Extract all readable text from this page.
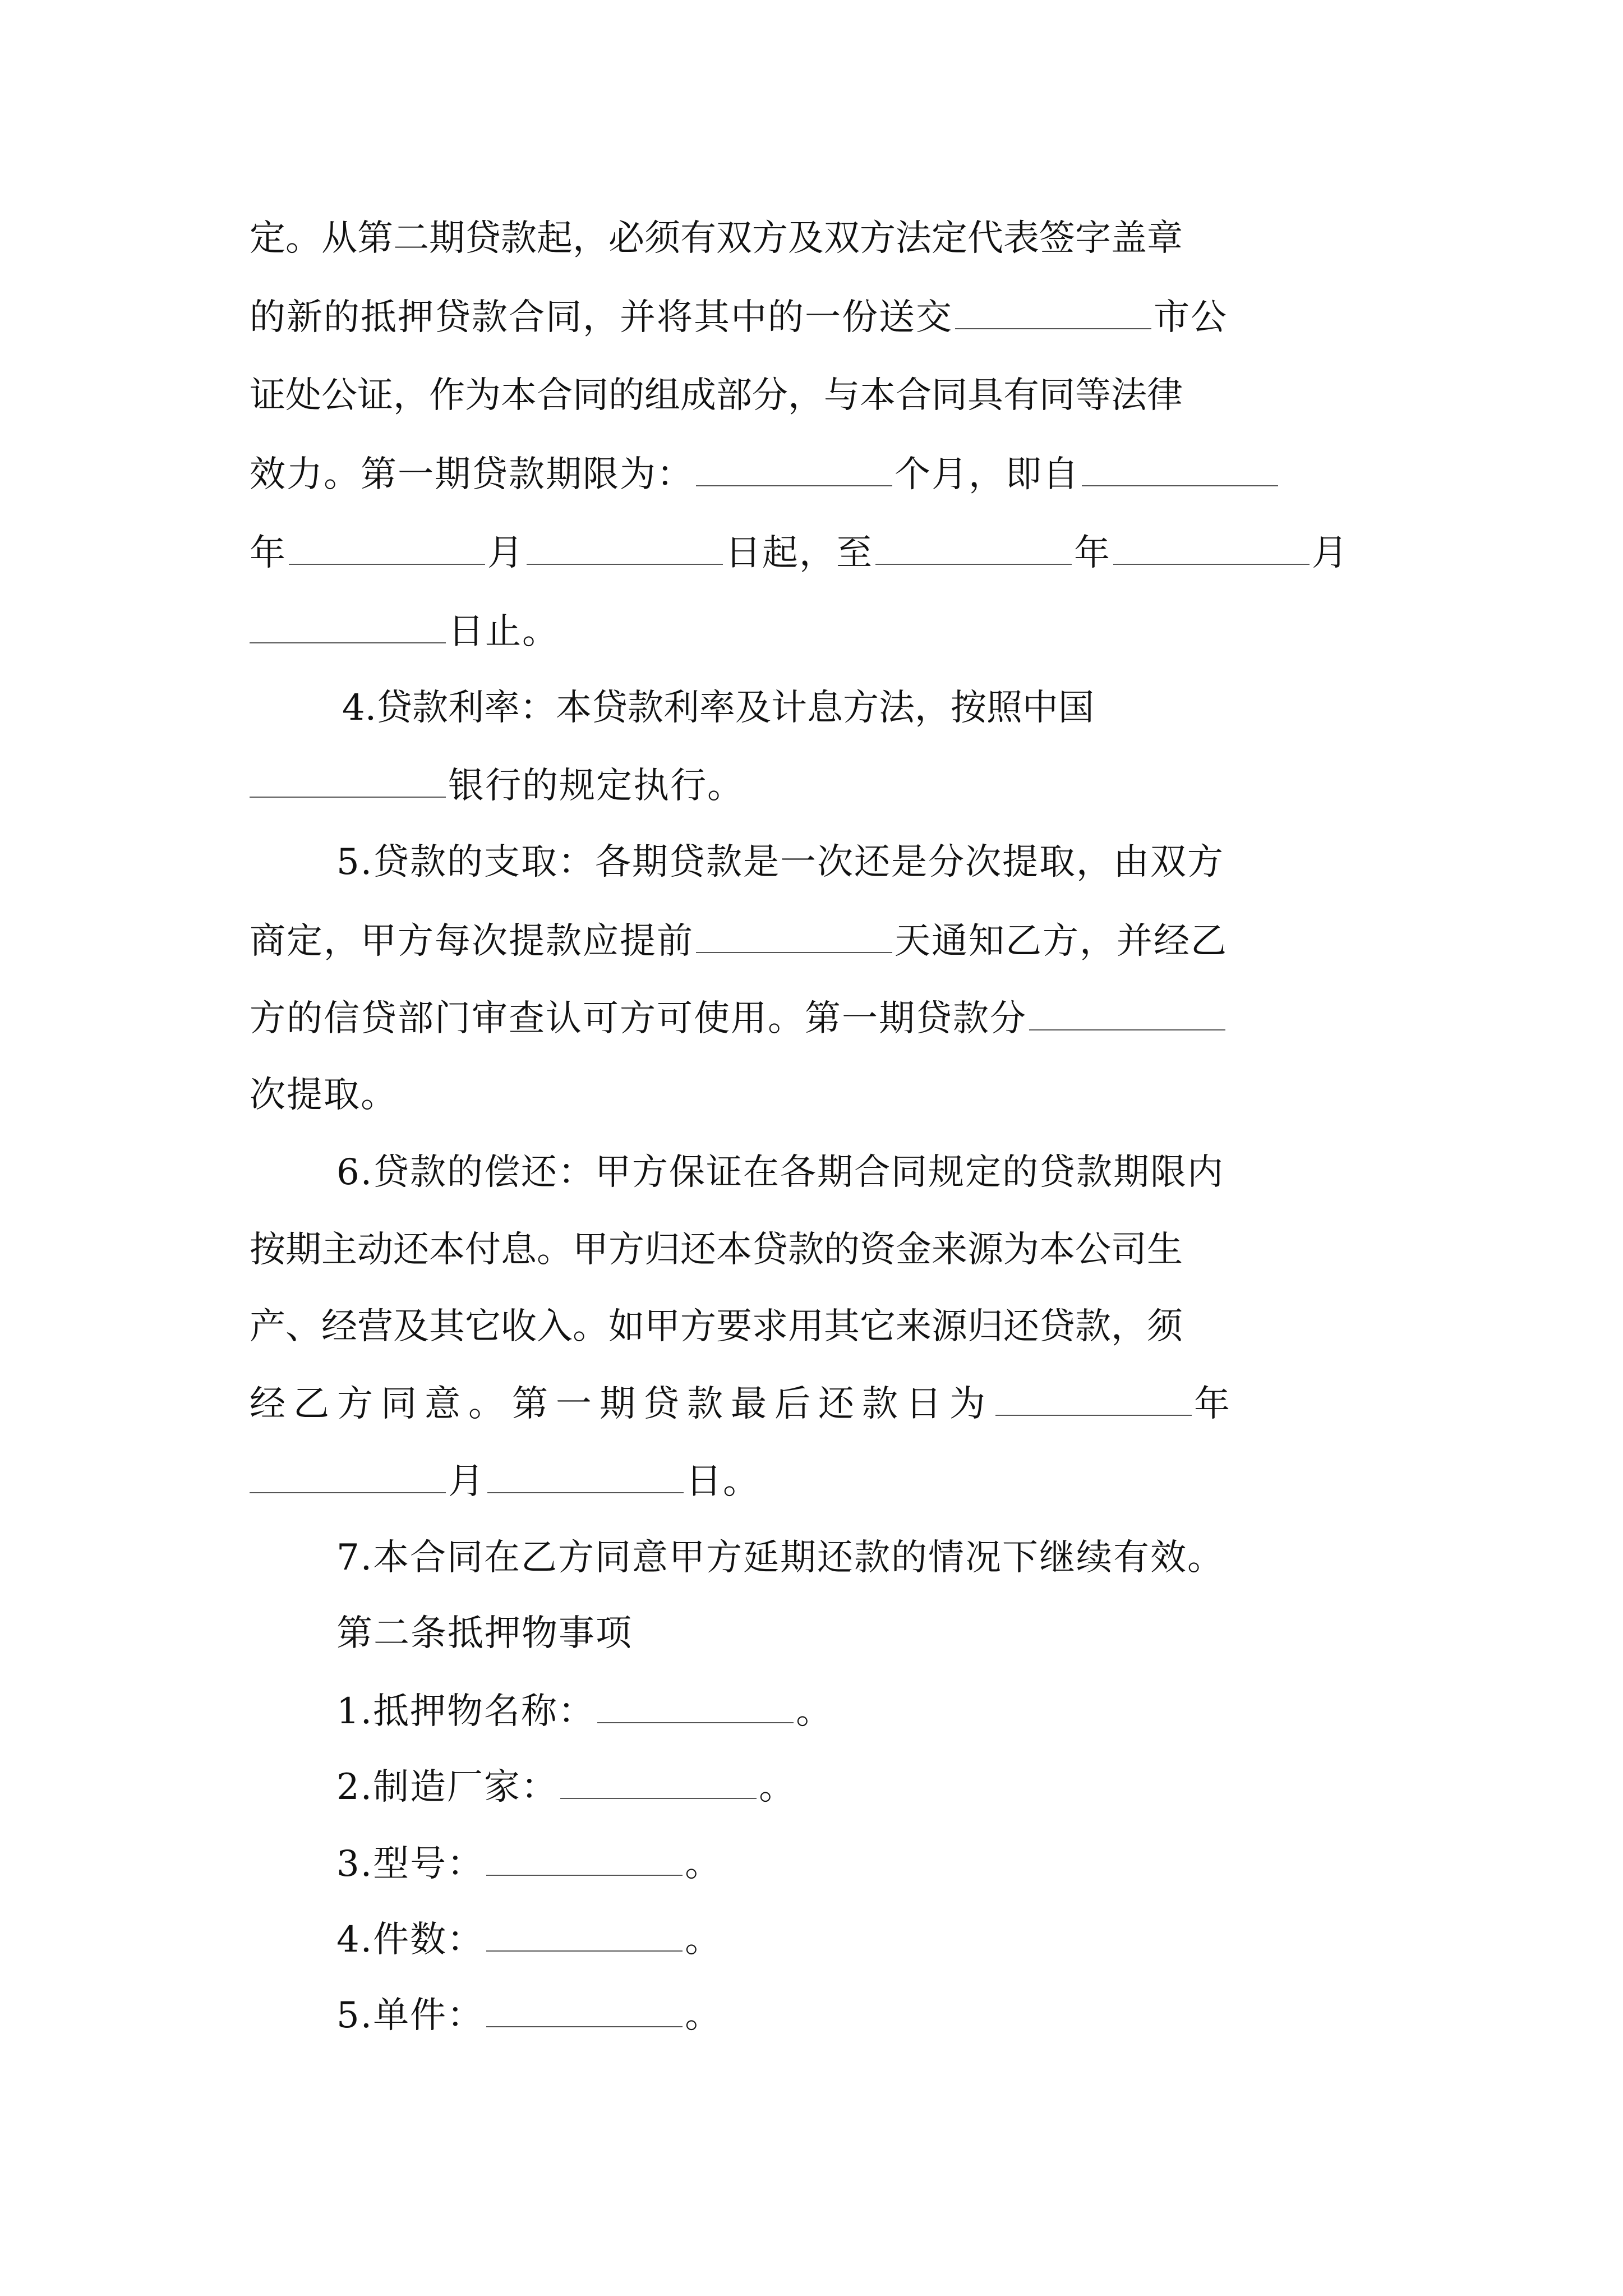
定。从第二期贷款起，必须有双方及双方法定代表签字盖章
的新的抵押贷款合同，并将其中的一份送交	市公
证处公证，作为本合同的组成部分，与本合同具有同等法律
效力。第一期贷款期限为：	个月，即自
年	月	日起，至	年	月
日止。
4.贷款利率：本贷款利率及计息方法，按照中国
银行的规定执行。
5.贷款的支取：各期贷款是一次还是分次提取，由双方
商定，甲方每次提款应提前	天通知乙方，并经乙
方的信贷部门审查认可方可使用。第一期贷款分
次提取。
6.贷款的偿还：甲方保证在各期合同规定的贷款期限内
按期主动还本付息。甲方归还本贷款的资金来源为本公司生
产、经营及其它收入。如甲方要求用其它来源归还贷款，须
经乙方同意。第一期贷款最后还款日为	年
月	日。
7.本合同在乙方同意甲方延期还款的情况下继续有效。
第二条抵押物事项
1.抵押物名称：	。
2.制造厂家：	。
3.型号：	。
4.件数：	。
5.单件：	。
